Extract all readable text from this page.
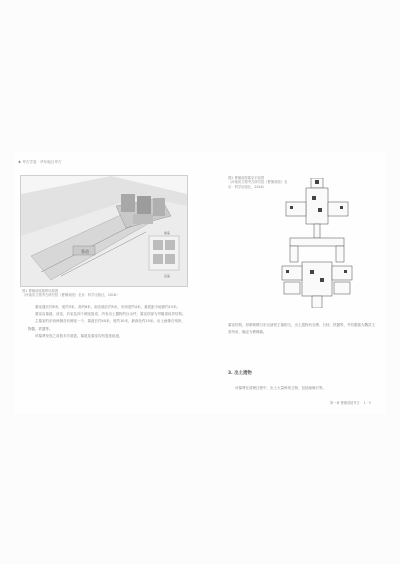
◈ 考古学卷 · 华东地区考古
墓道
前室
后室

图1 曹操高陵墓葬结构图

（河南省文物考古研究院《曹操高陵》北京：科学出版社，2016）

墓室通长约8米，宽约3米，高约6米，南北墙长约5米，东西宽约4米，墓底距今地面约15米。

墓室由墓道、前室、后室及四个侧室组成，内有出土器物约百余件，墓室顶部为穹隆顶砖券结构。

主墓室的东西两侧各有侧室一个，墓道长约40米，宽约10米，最深处约15米，出土画像石残块、陶器、铁器等。

该墓葬发现之前曾多次被盗，墓道及墓室均有盗扰痕迹。

图2 曹操高陵墓室平面图

（河南省文物考古研究院《曹操高陵》北京：科学出版社，2016）

墓室结构、形制规模与东汉诸侯王墓相当，出土遗物有石牌、石枕、铁器等，并有题铭为魏武王常所用，确定为曹操墓。

3. 出土遗物

该墓葬在清理过程中，出土大量珍贵文物，包括画像石等。

第一章 曹操高陵考古 1 · 5
